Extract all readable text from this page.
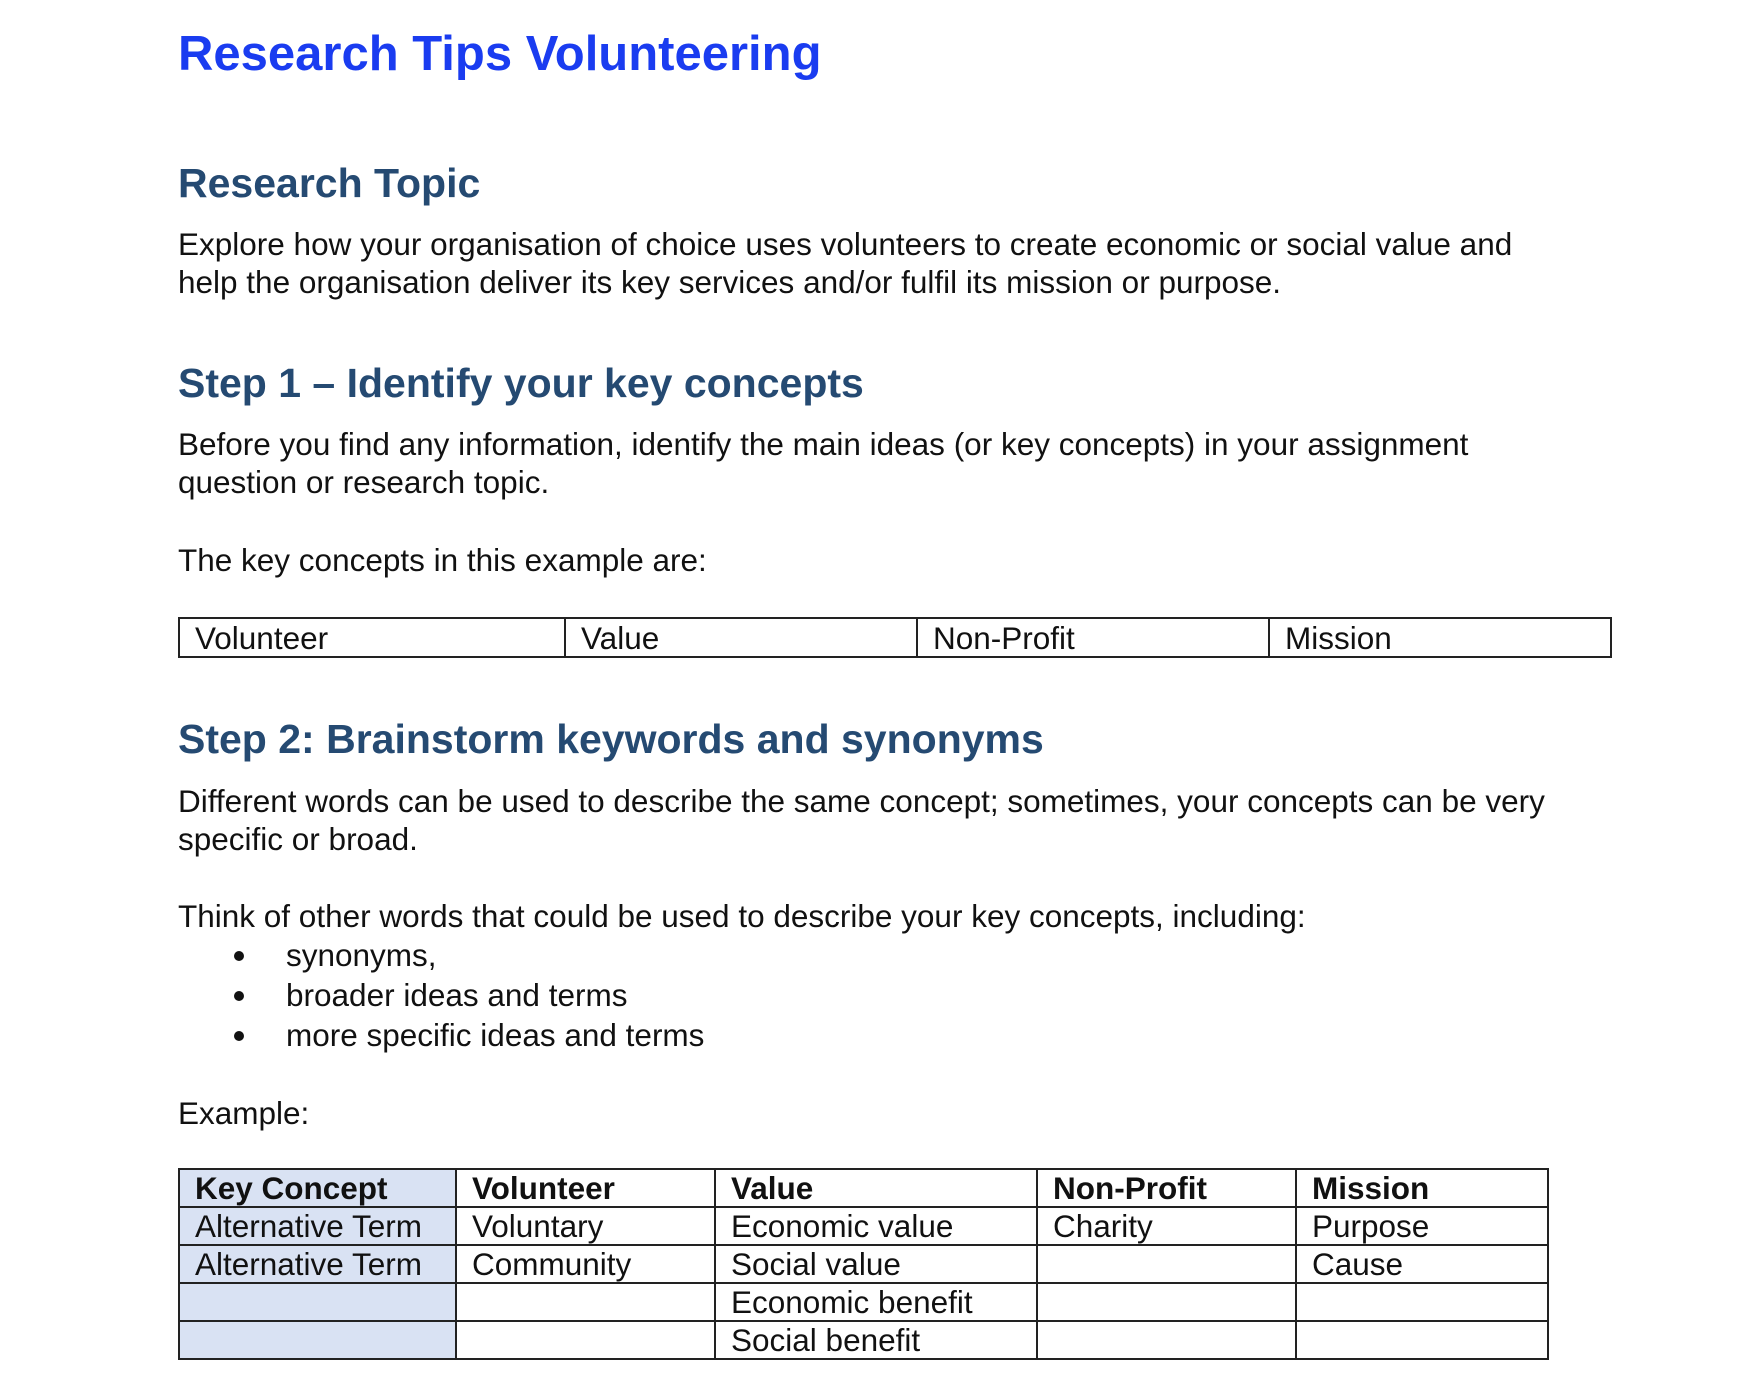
Research Tips Volunteering
Research Topic

Explore how your organisation of choice uses volunteers to create economic or social value and
help the organisation deliver its key services and/or fulfil its mission or purpose.

Step 1 – Identify your key concepts

Before you find any information, identify the main ideas (or key concepts) in your assignment
question or research topic.

The key concepts in this example are:

Volunteer	Value	Non-Profit	Mission
Step 2: Brainstorm keywords and synonyms

Different words can be used to describe the same concept; sometimes, your concepts can be very
specific or broad.

Think of other words that could be used to describe your key concepts, including:

synonyms,
broader ideas and terms
more specific ideas and terms

Example:

Key Concept	Volunteer	Value	Non-Profit	Mission
Alternative Term	Voluntary	Economic value	Charity	Purpose
Alternative Term	Community	Social value		Cause
		Economic benefit		
		Social benefit		
